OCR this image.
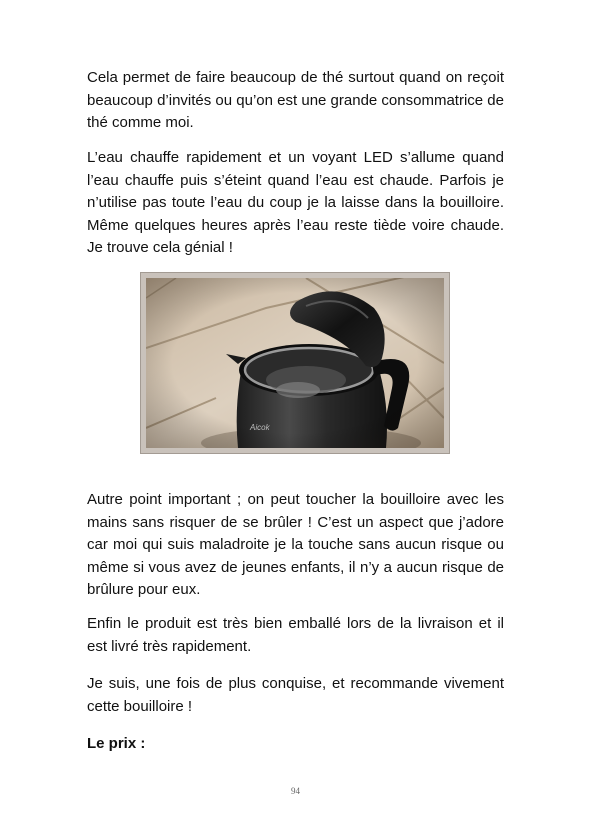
Cela permet de faire beaucoup de thé surtout quand on reçoit beaucoup d’invités ou qu’on est une grande consommatrice de thé comme moi.

L’eau chauffe rapidement et un voyant LED s’allume quand l’eau chauffe puis s’éteint quand l’eau est chaude. Parfois je n’utilise pas toute l’eau du coup je la laisse dans la bouilloire. Même quelques heures après l’eau reste tiède voire chaude. Je trouve cela génial !

Autre point important ; on peut toucher la bouilloire avec les mains sans risquer de se brûler ! C’est un aspect que j’adore car moi qui suis maladroite je la touche sans aucun risque ou même si vous avez de jeunes enfants, il n’y a aucun risque de brûlure pour eux.

Enfin le produit est très bien emballé lors de la livraison et il est livré très rapidement.

Je suis, une fois de plus conquise, et recommande vivement cette bouilloire !

Le prix :

94
